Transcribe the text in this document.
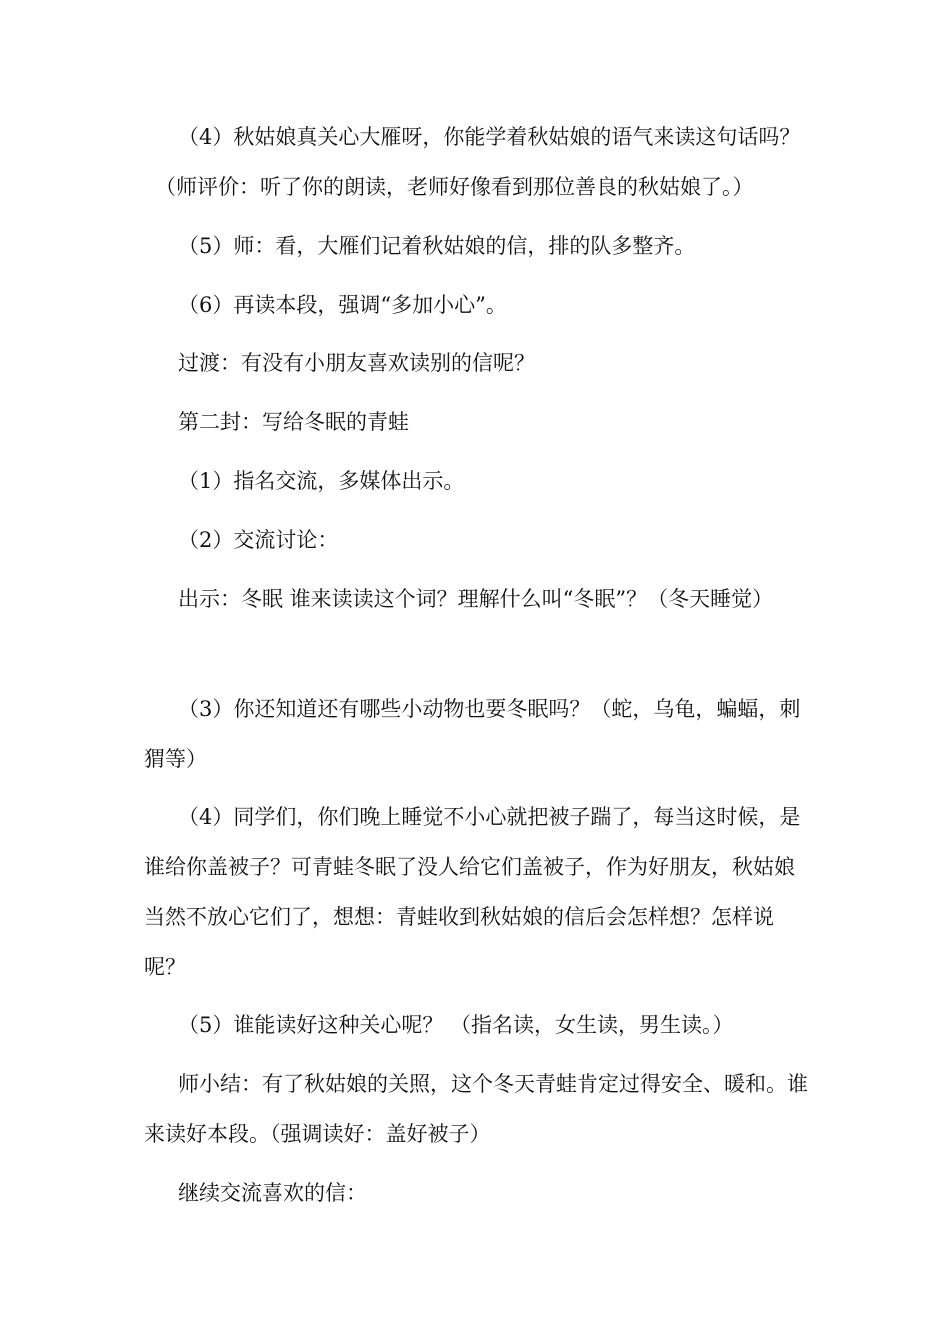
（4）秋姑娘真关心大雁呀，你能学着秋姑娘的语气来读这句话吗？

（师评价：听了你的朗读，老师好像看到那位善良的秋姑娘了。）

（5）师：看，大雁们记着秋姑娘的信，排的队多整齐。

（6）再读本段，强调“多加小心”。

过渡：有没有小朋友喜欢读别的信呢？

第二封：写给冬眠的青蛙

（1）指名交流，多媒体出示。

（2）交流讨论：

出示：冬眠 谁来读读这个词？理解什么叫“冬眠”？（冬天睡觉）

（3）你还知道还有哪些小动物也要冬眠吗？（蛇，乌龟，蝙蝠，刺猬等）

（4）同学们，你们晚上睡觉不小心就把被子踹了，每当这时候，是谁给你盖被子？可青蛙冬眠了没人给它们盖被子，作为好朋友，秋姑娘当然不放心它们了，想想：青蛙收到秋姑娘的信后会怎样想？怎样说呢？

（5）谁能读好这种关心呢？ （指名读，女生读，男生读。）

师小结：有了秋姑娘的关照，这个冬天青蛙肯定过得安全、暖和。谁来读好本段。（强调读好：盖好被子）

继续交流喜欢的信：
